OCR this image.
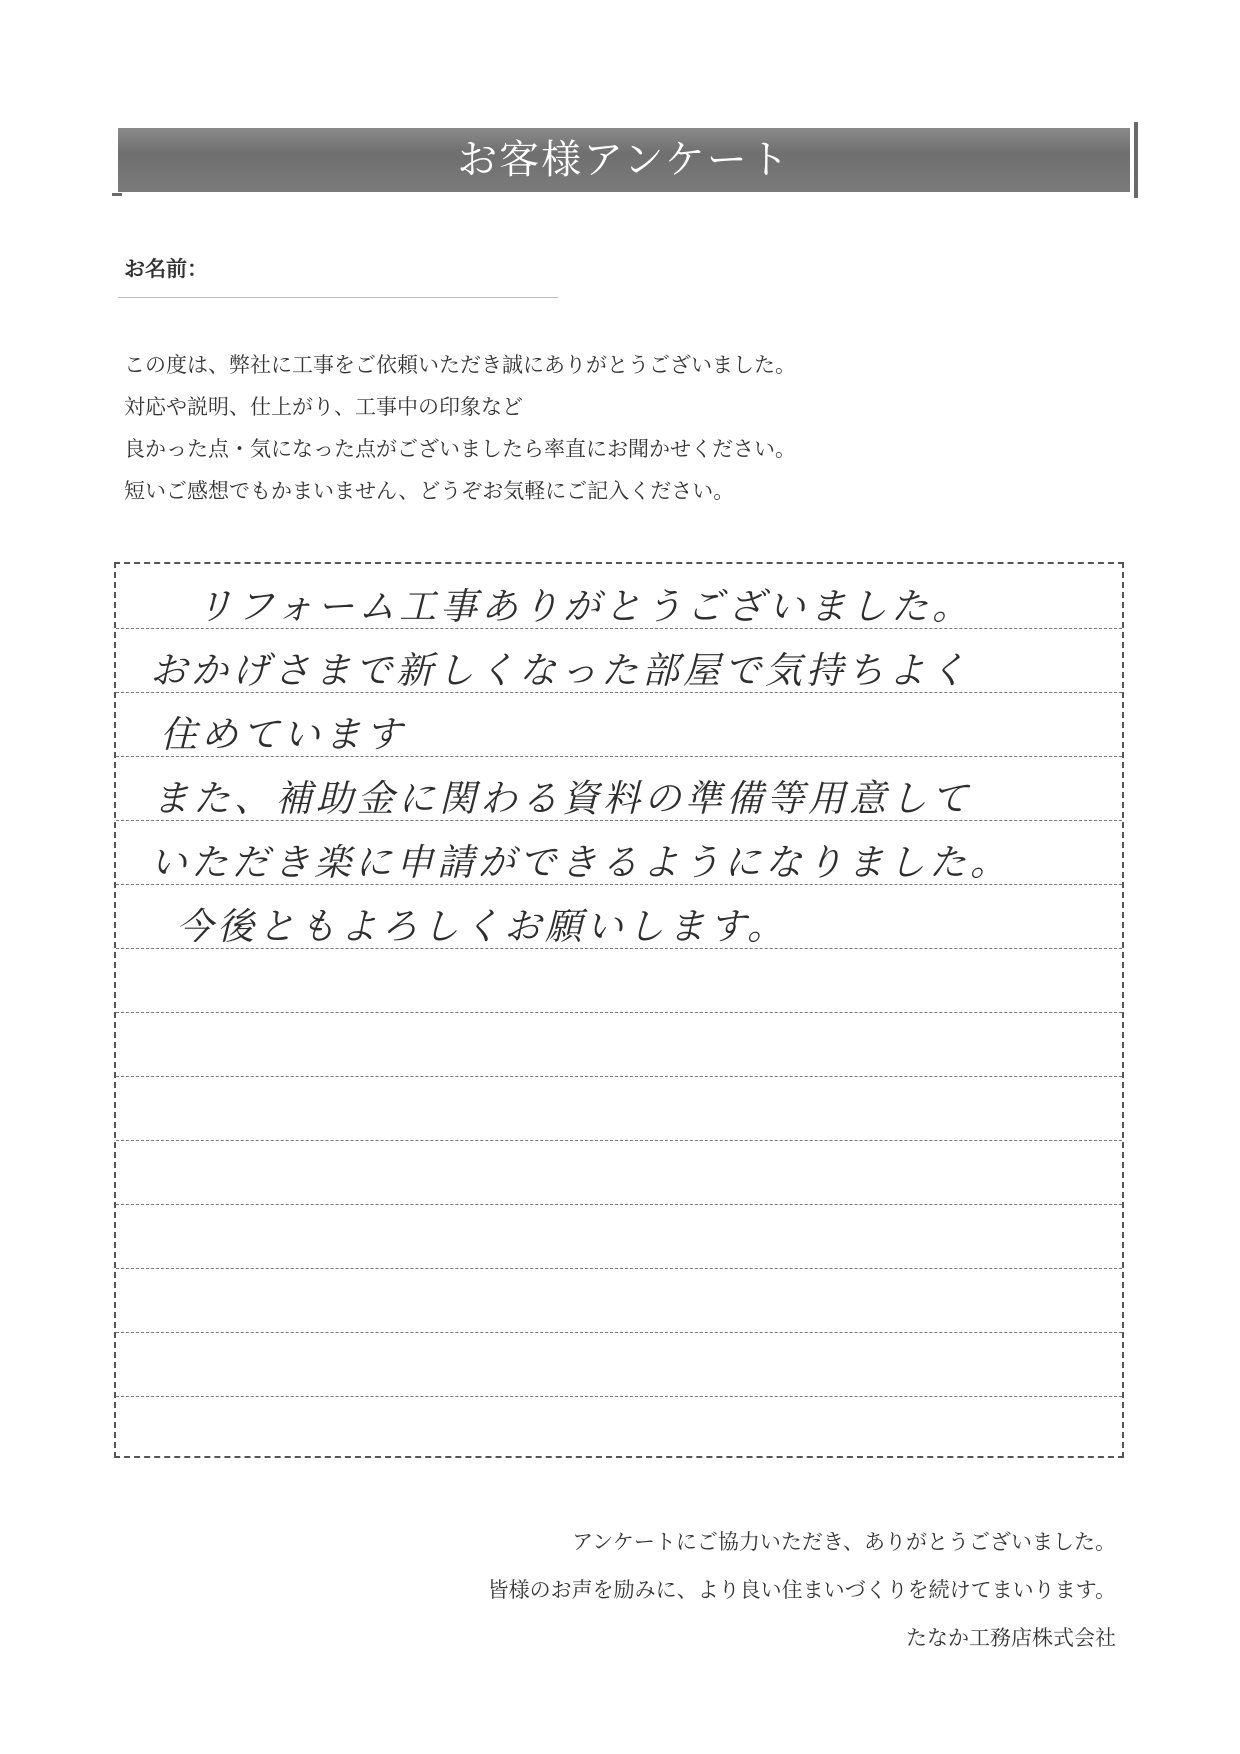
お客様アンケート
お名前：

この度は、弊社に工事をご依頼いただき誠にありがとうございました。

対応や説明、仕上がり、工事中の印象など

良かった点・気になった点がございましたら率直にお聞かせください。

短いご感想でもかまいません、どうぞお気軽にご記入ください。

リフォーム工事ありがとうございました。
おかげさまで新しくなった部屋で気持ちよく
住めています
また、補助金に関わる資料の準備等用意して
いただき楽に申請ができるようになりました。
今後ともよろしくお願いします。

アンケートにご協力いただき、ありがとうございました。

皆様のお声を励みに、より良い住まいづくりを続けてまいります。

たなか工務店株式会社
